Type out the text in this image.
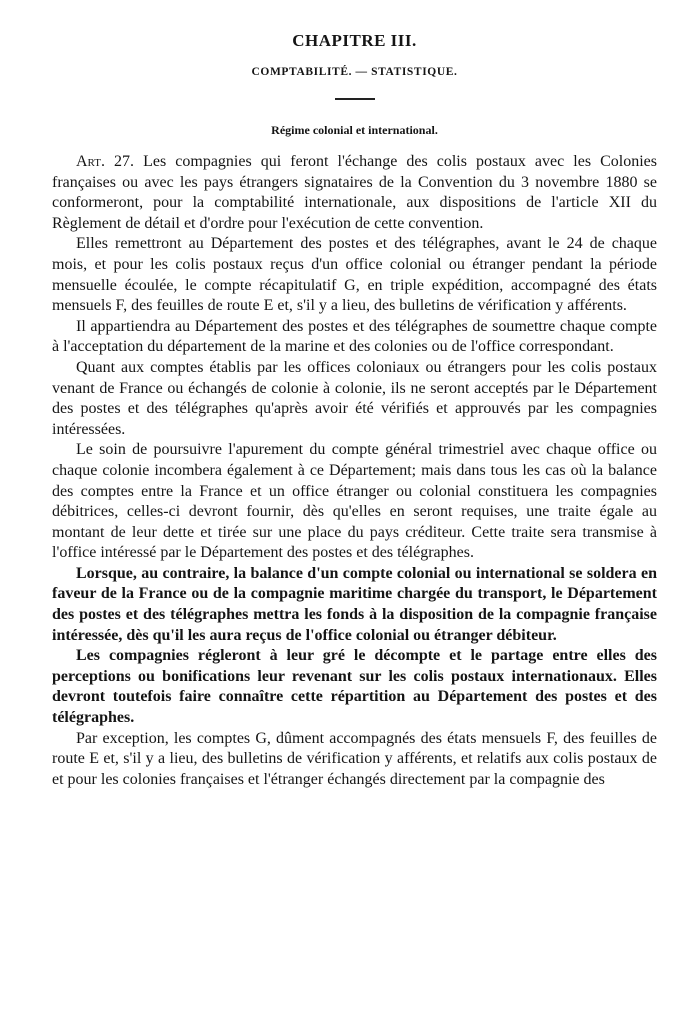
CHAPITRE III.
COMPTABILITÉ. — STATISTIQUE.
Régime colonial et international.

Art. 27. Les compagnies qui feront l'échange des colis postaux avec les Colonies françaises ou avec les pays étrangers signataires de la Convention du 3 novembre 1880 se conformeront, pour la comptabilité internationale, aux dispositions de l'article XII du Règlement de détail et d'ordre pour l'exécution de cette convention.

Elles remettront au Département des postes et des télégraphes, avant le 24 de chaque mois, et pour les colis postaux reçus d'un office colonial ou étranger pendant la période mensuelle écoulée, le compte récapitulatif G, en triple expédition, accompagné des états mensuels F, des feuilles de route E et, s'il y a lieu, des bulletins de vérification y afférents.

Il appartiendra au Département des postes et des télégraphes de soumettre chaque compte à l'acceptation du département de la marine et des colonies ou de l'office correspondant.

Quant aux comptes établis par les offices coloniaux ou étrangers pour les colis postaux venant de France ou échangés de colonie à colonie, ils ne seront acceptés par le Département des postes et des télégraphes qu'après avoir été vérifiés et approuvés par les compagnies intéressées.

Le soin de poursuivre l'apurement du compte général trimestriel avec chaque office ou chaque colonie incombera également à ce Département; mais dans tous les cas où la balance des comptes entre la France et un office étranger ou colonial constituera les compagnies débitrices, celles-ci devront fournir, dès qu'elles en seront requises, une traite égale au montant de leur dette et tirée sur une place du pays créditeur. Cette traite sera transmise à l'office intéressé par le Département des postes et des télégraphes.

Lorsque, au contraire, la balance d'un compte colonial ou international se soldera en faveur de la France ou de la compagnie maritime chargée du transport, le Département des postes et des télégraphes mettra les fonds à la disposition de la compagnie française intéressée, dès qu'il les aura reçus de l'office colonial ou étranger débiteur.

Les compagnies régleront à leur gré le décompte et le partage entre elles des perceptions ou bonifications leur revenant sur les colis postaux internationaux. Elles devront toutefois faire connaître cette répartition au Département des postes et des télégraphes.

Par exception, les comptes G, dûment accompagnés des états mensuels F, des feuilles de route E et, s'il y a lieu, des bulletins de vérification y afférents, et relatifs aux colis postaux de et pour les colonies françaises et l'étranger échangés directement par la compagnie des
